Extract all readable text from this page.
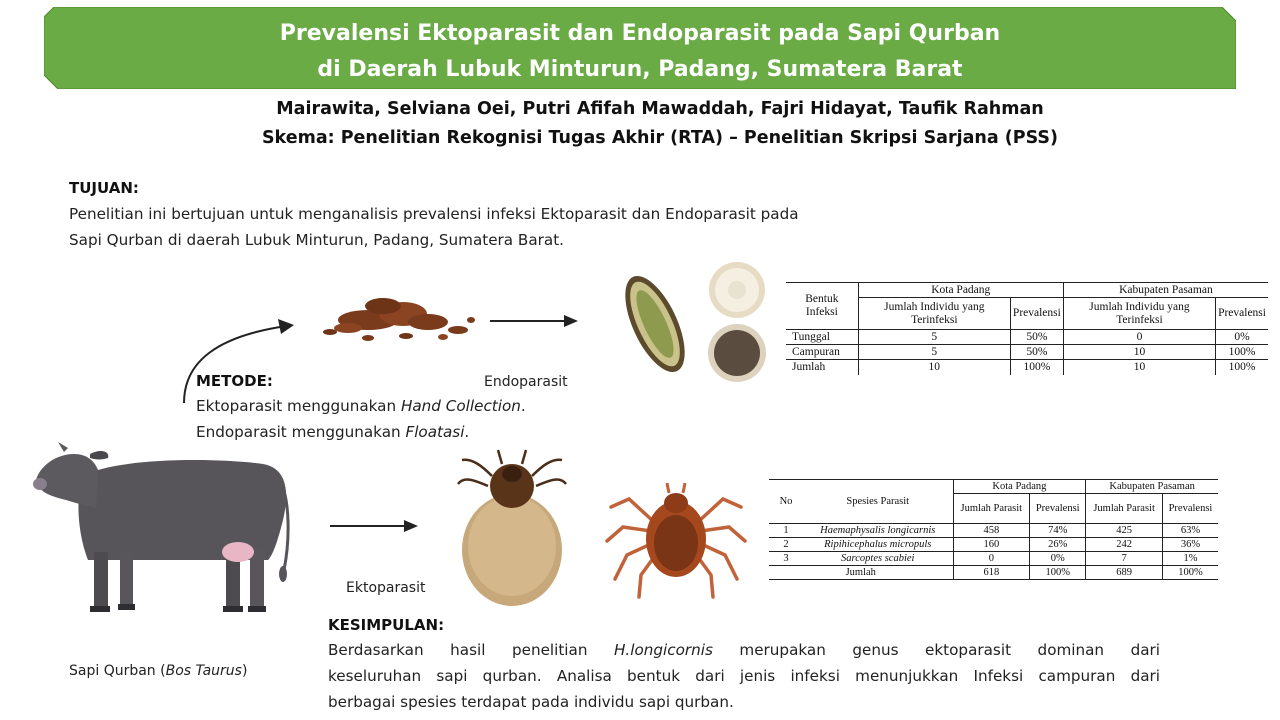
Prevalensi Ektoparasit dan Endoparasit pada Sapi Qurban
di Daerah Lubuk Minturun, Padang, Sumatera Barat
Mairawita, Selviana Oei, Putri Afifah Mawaddah, Fajri Hidayat, Taufik Rahman
Skema: Penelitian Rekognisi Tugas Akhir (RTA) – Penelitian Skripsi Sarjana (PSS)
TUJUAN:
Penelitian ini bertujuan untuk menganalisis prevalensi infeksi Ektoparasit dan Endoparasit pada
Sapi Qurban di daerah Lubuk Minturun, Padang, Sumatera Barat.
Bentuk Infeksi	Kota Padang		Kabupaten Pasaman	
	Jumlah Individu yang Terinfeksi	Prevalensi	Jumlah Individu yang Terinfeksi	Prevalensi
Tunggal	5	50%	0	0%
Campuran	5	50%	10	100%
Jumlah	10	100%	10	100%
METODE:
Ektoparasit menggunakan Hand Collection.
Endoparasit menggunakan Floatasi.
Endoparasit
No	Spesies Parasit	Kota Padang		Kabupaten Pasaman	
		Jumlah Parasit	Prevalensi	Jumlah Parasit	Prevalensi
1	Haemaphysalis longicarnis	458	74%	425	63%
2	Ripihicephalus micropuls	160	26%	242	36%
3	Sarcoptes scabiei	0	0%	7	1%
Jumlah		618	100%	689	100%
Ektoparasit
KESIMPULAN:
Berdasarkan hasil penelitian H.longicornis merupakan genus ektoparasit dominan dari
keseluruhan sapi qurban. Analisa bentuk dari jenis infeksi menunjukkan Infeksi campuran dari
berbagai spesies terdapat pada individu sapi qurban.
Sapi Qurban (Bos Taurus)
